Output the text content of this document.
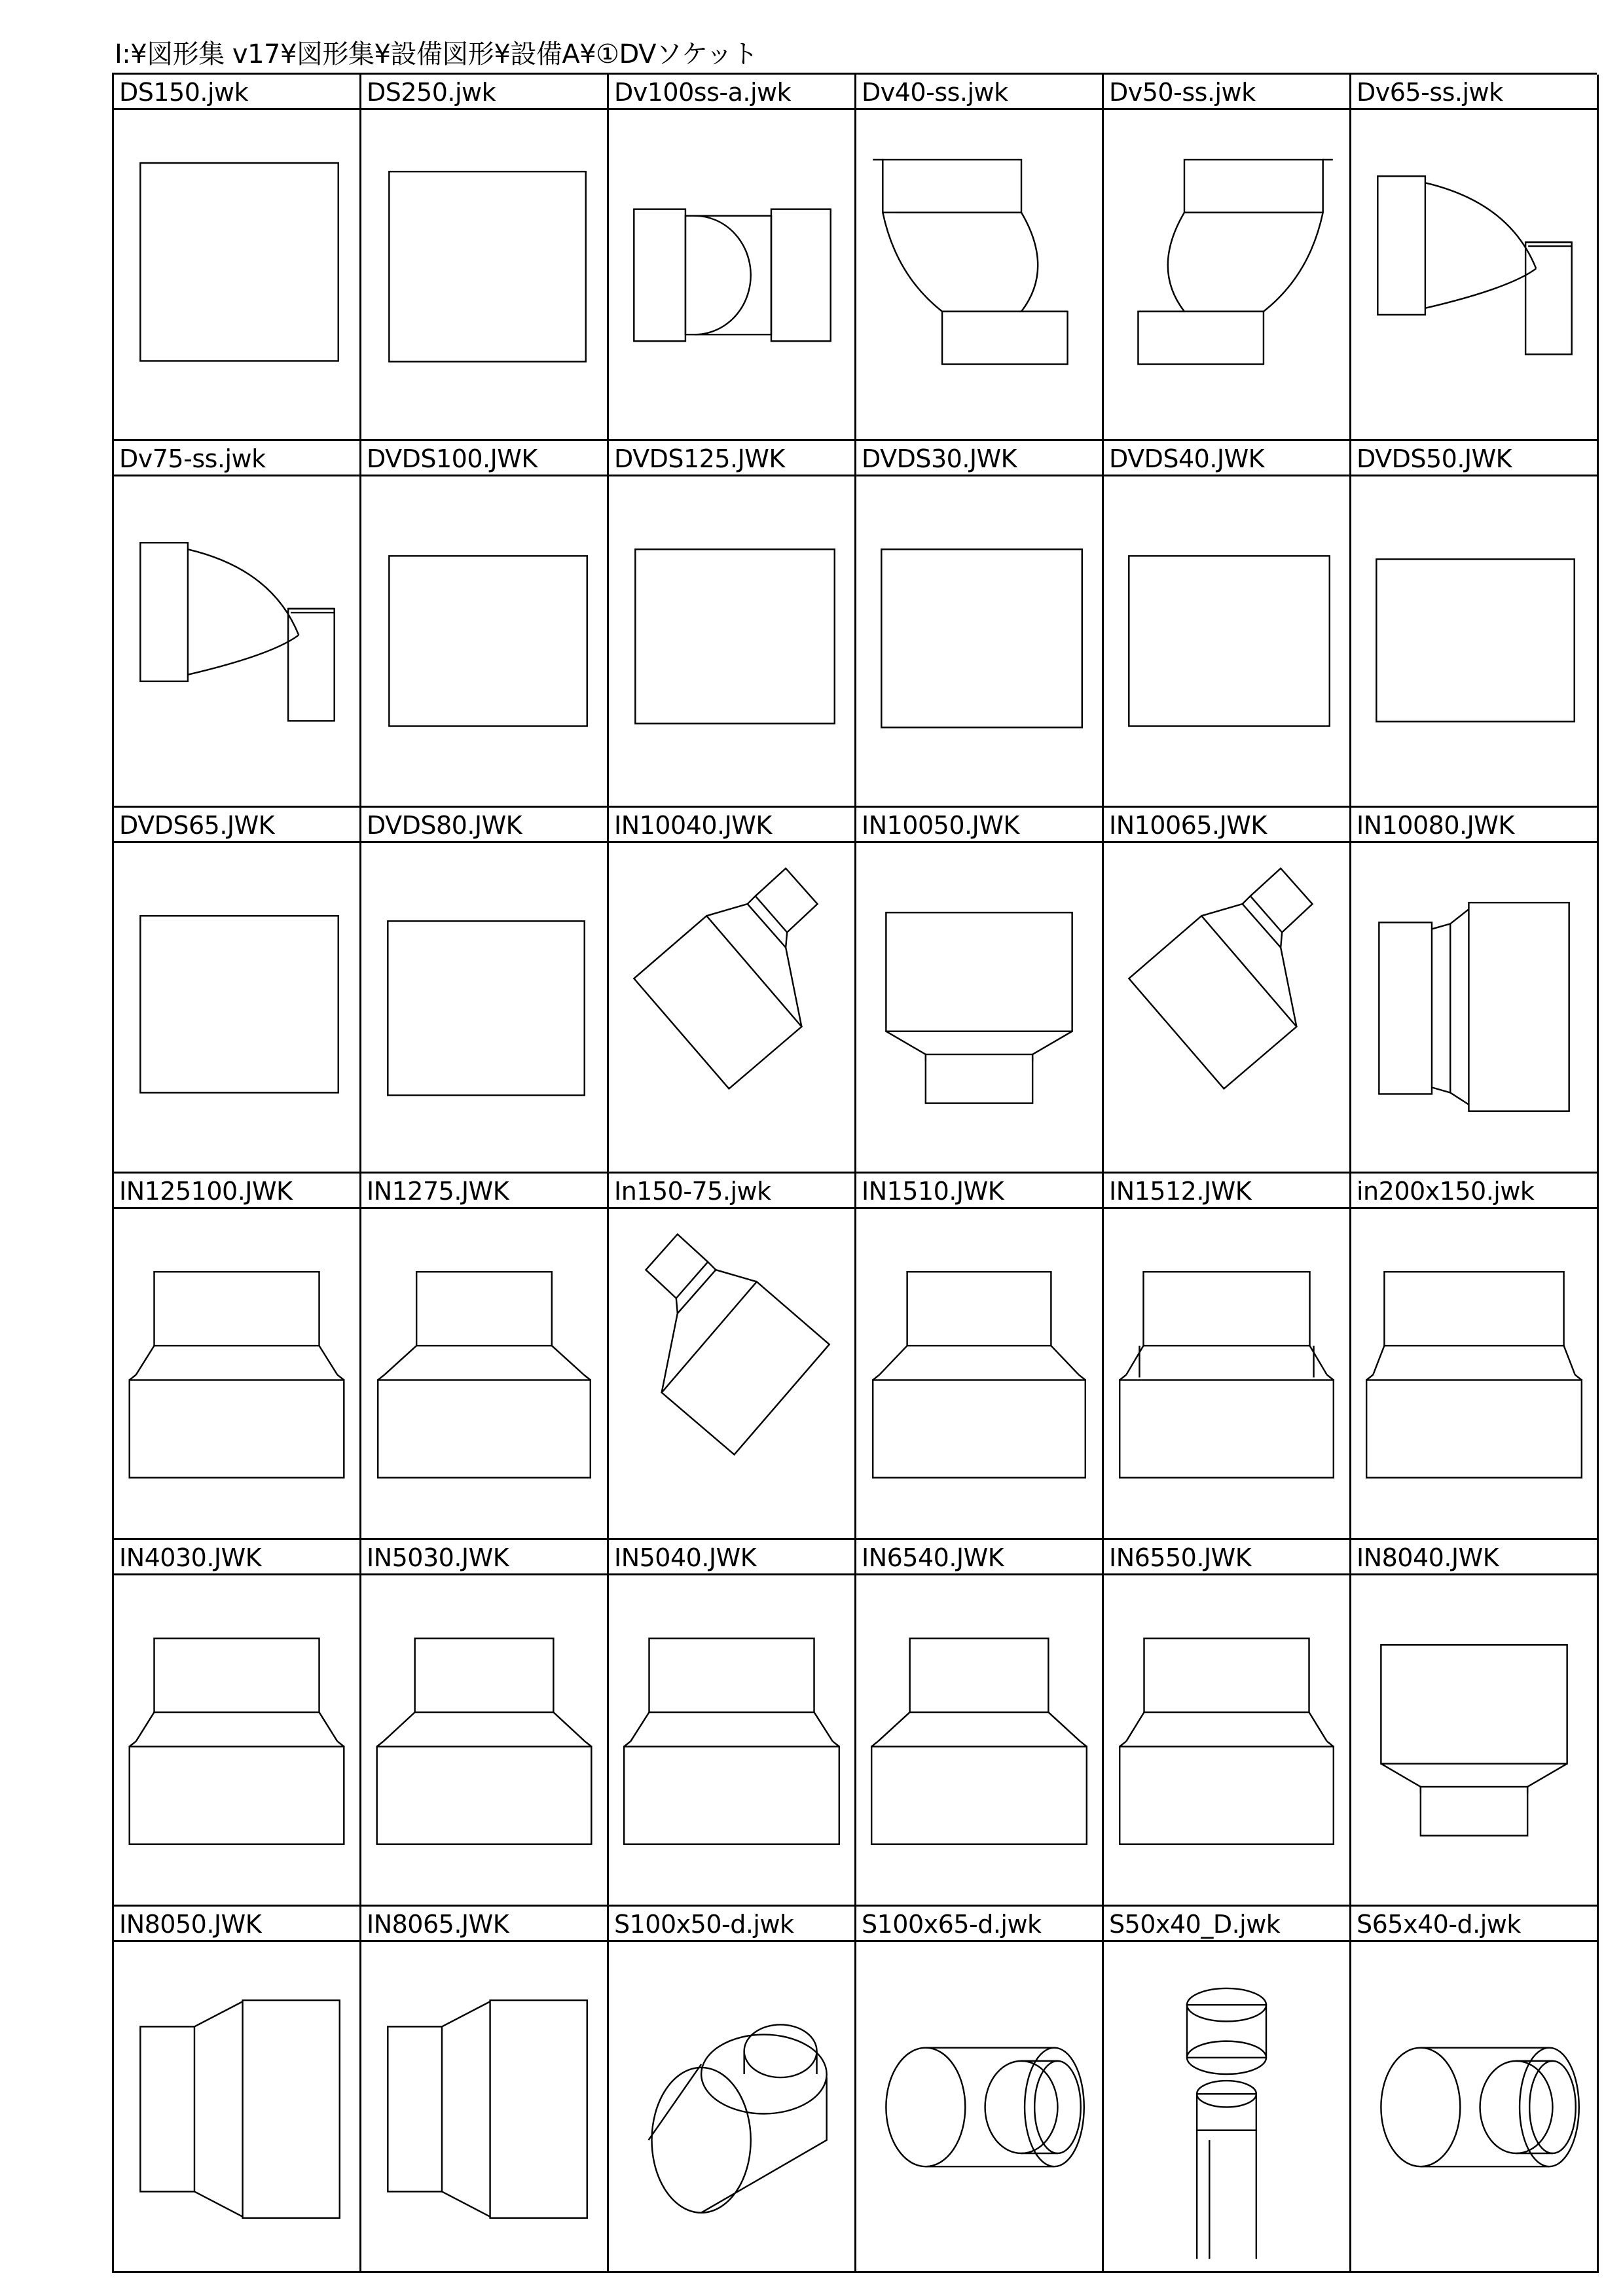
I:¥図形集 v17¥図形集¥設備図形¥設備A¥①DVソケット
DS150.jwk	DS250.jwk	Dv100ss-a.jwk	Dv40-ss.jwk	Dv50-ss.jwk	Dv65-ss.jwk
Dv75-ss.jwk	DVDS100.JWK	DVDS125.JWK	DVDS30.JWK	DVDS40.JWK	DVDS50.JWK
DVDS65.JWK	DVDS80.JWK	IN10040.JWK	IN10050.JWK	IN10065.JWK	IN10080.JWK
IN125100.JWK	IN1275.JWK	In150-75.jwk	IN1510.JWK	IN1512.JWK	in200x150.jwk
IN4030.JWK	IN5030.JWK	IN5040.JWK	IN6540.JWK	IN6550.JWK	IN8040.JWK
IN8050.JWK	IN8065.JWK	S100x50-d.jwk	S100x65-d.jwk	S50x40_D.jwk	S65x40-d.jwk
